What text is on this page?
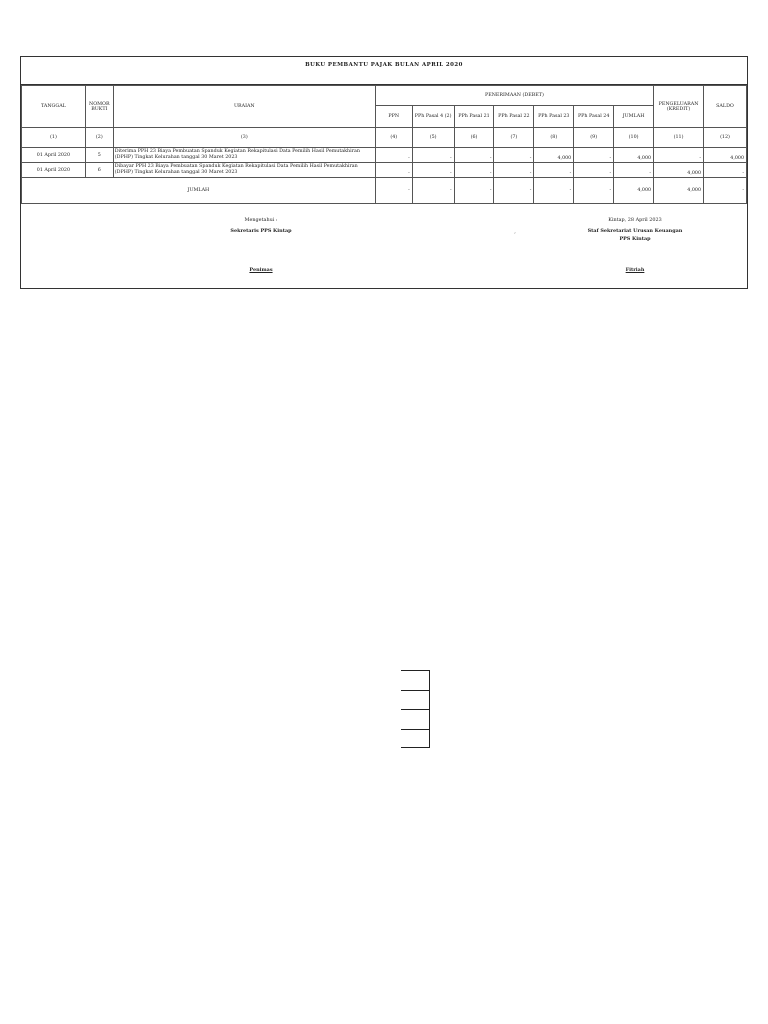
BUKU PEMBANTU PAJAK BULAN APRIL 2020
TANGGAL	NOMOR BUKTI	URAIAN	PENERIMAAN (DEBET)							PENGELUARAN (KREDIT)	SALDO
			PPN	PPh Pasal 4 (2)	PPh Pasal 21	PPh Pasal 22	PPh Pasal 23	PPh Pasal 24	JUMLAH		
(1)	(2)	(3)	(4)	(5)	(6)	(7)	(8)	(9)	(10)	(11)	(12)
01 April 2020	5	Diterima PPH 23 Biaya Pembuatan Spanduk Kegiatan Rekapitulasi Data Pemilih Hasil Pemutakhiran (DPHP) Tingkat Kelurahan tanggal 30 Maret 2023	-	-	-	-	4,000	-	4,000	-	4,000
01 April 2020	6	Dibayar PPH 23 Biaya Pembuatan Spanduk Kegiatan Rekapitulasi Data Pemilih Hasil Pemutakhiran (DPHP) Tingkat Kelurahan tanggal 30 Maret 2023	-	-	-	-	-	-	-	4,000	-
JUMLAH			-	-	-	-	-	-	4,000	4,000	-
Mengetahui :
Sekretaris PPS Kintap
Penimas
,
Kintap, 28 April 2023
Staf Sekretariat Urusan Keuangan
PPS Kintap
Fitriah
